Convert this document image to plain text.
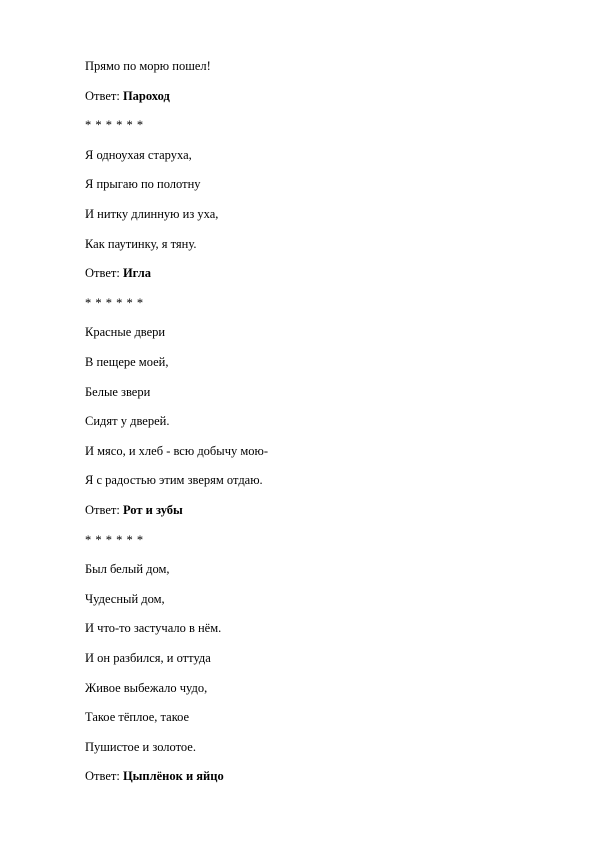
Прямо по морю пошел!
Ответ: Пароход
* * * * * *
Я одноухая старуха,
Я прыгаю по полотну
И нитку длинную из уха,
Как паутинку, я тяну.
Ответ: Игла
* * * * * *
Красные двери
В пещере моей,
Белые звери
Сидят у дверей.
И мясо, и хлеб - всю добычу мою-
Я с радостью этим зверям отдаю.
Ответ: Рот и зубы
* * * * * *
Был белый дом,
Чудесный дом,
И что-то застучало в нём.
И он разбился, и оттуда
Живое выбежало чудо,
Такое тёплое, такое
Пушистое и золотое.
Ответ: Цыплёнок и яйцо
